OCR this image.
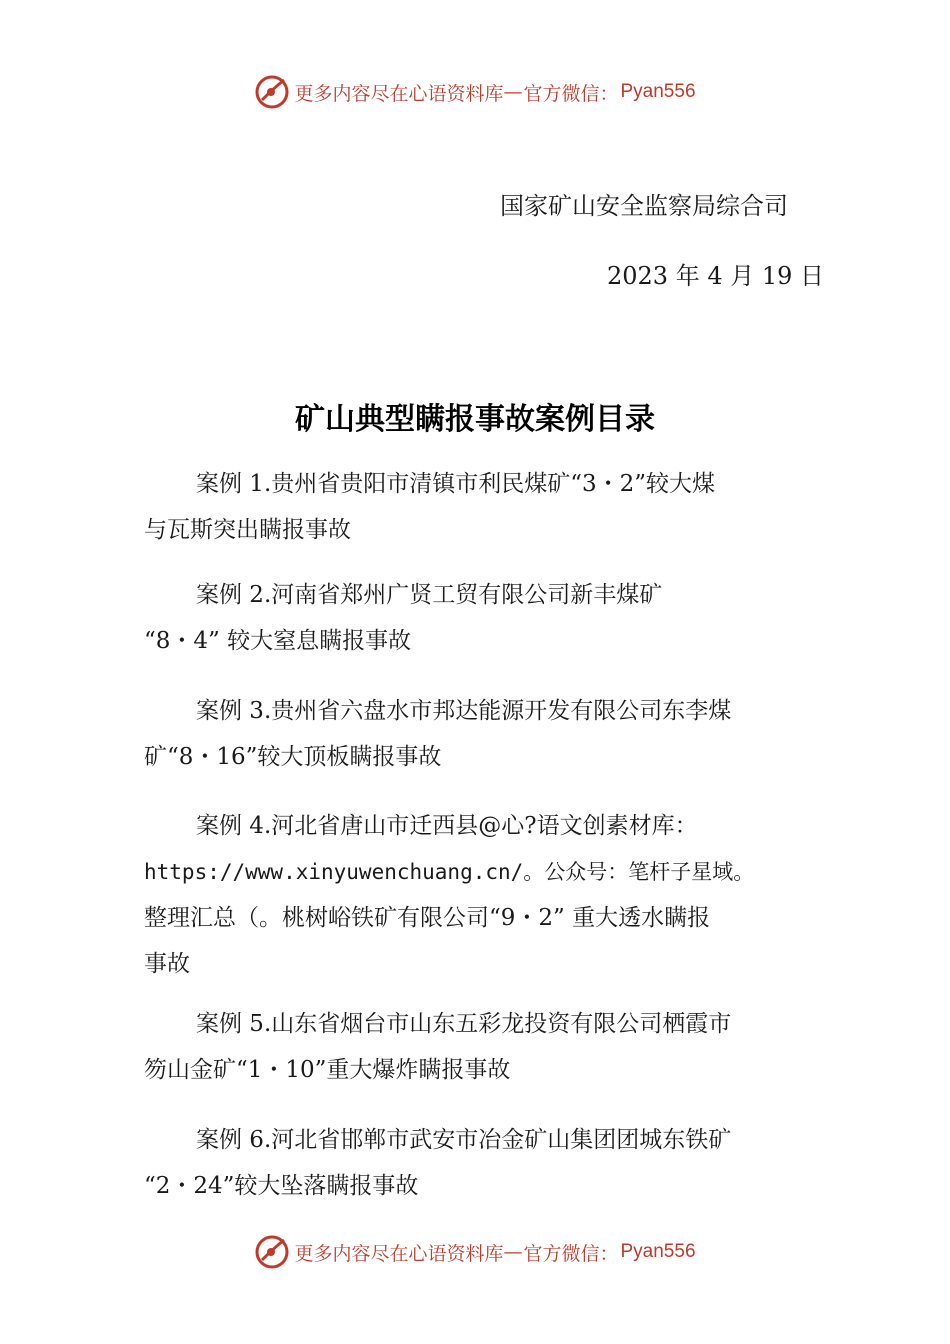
更多内容尽在心语资料库 — 官方微信： Pyan556
国家矿山安全监察局综合司
2023 年 4 月 19 日
矿山典型瞒报事故案例目录
案例 1.贵州省贵阳市清镇市利民煤矿“3・2”较大煤
与瓦斯突出瞒报事故
案例 2.河南省郑州广贤工贸有限公司新丰煤矿
“8・4” 较大窒息瞒报事故
案例 3.贵州省六盘水市邦达能源开发有限公司东李煤
矿“8・16”较大顶板瞒报事故
案例 4.河北省唐山市迁西县@心?语文创素材库：
https://www.xinyuwenchuang.cn/。公众号：笔杆子星域。
整理汇总（。桃树峪铁矿有限公司“9・2” 重大透水瞒报
事故
案例 5.山东省烟台市山东五彩龙投资有限公司栖霞市
笏山金矿“1・10”重大爆炸瞒报事故
案例 6.河北省邯郸市武安市冶金矿山集团团城东铁矿
“2・24”较大坠落瞒报事故
更多内容尽在心语资料库 — 官方微信： Pyan556
